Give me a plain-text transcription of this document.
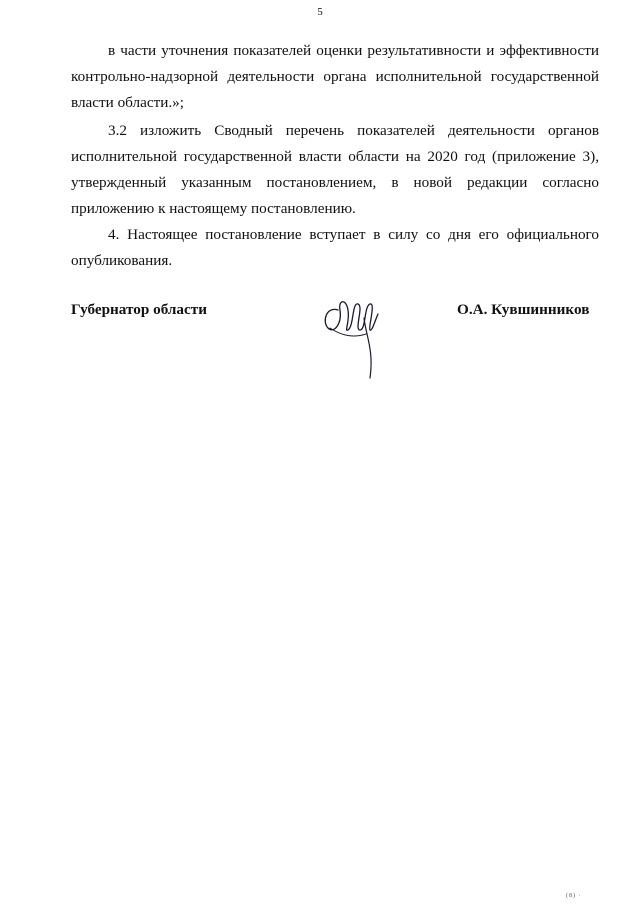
5

в части уточнения показателей оценки результативности и эффективности контрольно-надзорной деятельности органа исполнительной государственной власти области.»;

3.2 изложить Сводный перечень показателей деятельности органов исполнительной государственной власти области на 2020 год (приложение 3), утвержденный указанным постановлением, в новой редакции согласно приложению к настоящему постановлению.

4. Настоящее постановление вступает в силу со дня его официального опубликования.

Губернатор области	О.А. Кувшинников
(8) ·
